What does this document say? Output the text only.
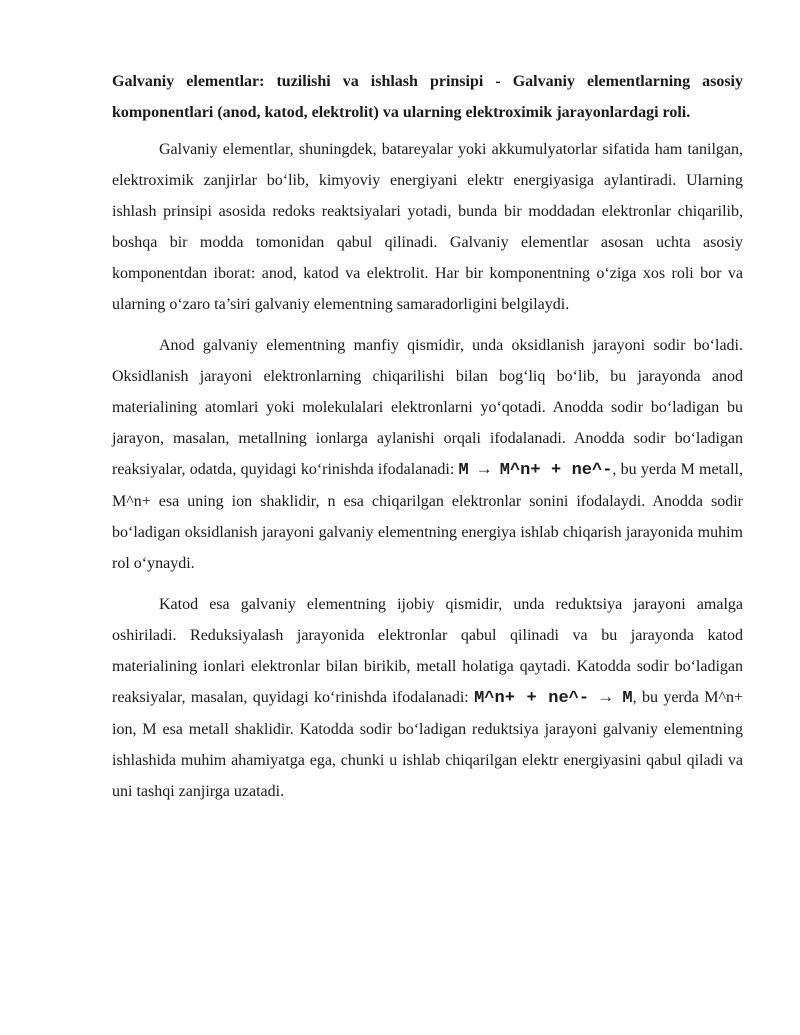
Galvaniy elementlar: tuzilishi va ishlash prinsipi - Galvaniy elementlarning asosiy komponentlari (anod, katod, elektrolit) va ularning elektroximik jarayonlardagi roli.

Galvaniy elementlar, shuningdek, batareyalar yoki akkumulyatorlar sifatida ham tanilgan, elektroximik zanjirlar bo‘lib, kimyoviy energiyani elektr energiyasiga aylantiradi. Ularning ishlash prinsipi asosida redoks reaktsiyalari yotadi, bunda bir moddadan elektronlar chiqarilib, boshqa bir modda tomonidan qabul qilinadi. Galvaniy elementlar asosan uchta asosiy komponentdan iborat: anod, katod va elektrolit. Har bir komponentning o‘ziga xos roli bor va ularning o‘zaro ta’siri galvaniy elementning samaradorligini belgilaydi.

Anod galvaniy elementning manfiy qismidir, unda oksidlanish jarayoni sodir bo‘ladi. Oksidlanish jarayoni elektronlarning chiqarilishi bilan bog‘liq bo‘lib, bu jarayonda anod materialining atomlari yoki molekulalari elektronlarni yo‘qotadi. Anodda sodir bo‘ladigan bu jarayon, masalan, metallning ionlarga aylanishi orqali ifodalanadi. Anodda sodir bo‘ladigan reaksiyalar, odatda, quyidagi ko‘rinishda ifodalanadi: M → M^n+ + ne^-, bu yerda M metall, M^n+ esa uning ion shaklidir, n esa chiqarilgan elektronlar sonini ifodalaydi. Anodda sodir bo‘ladigan oksidlanish jarayoni galvaniy elementning energiya ishlab chiqarish jarayonida muhim rol o‘ynaydi.

Katod esa galvaniy elementning ijobiy qismidir, unda reduktsiya jarayoni amalga oshiriladi. Reduksiyalash jarayonida elektronlar qabul qilinadi va bu jarayonda katod materialining ionlari elektronlar bilan birikib, metall holatiga qaytadi. Katodda sodir bo‘ladigan reaksiyalar, masalan, quyidagi ko‘rinishda ifodalanadi: M^n+ + ne^- → M, bu yerda M^n+ ion, M esa metall shaklidir. Katodda sodir bo‘ladigan reduktsiya jarayoni galvaniy elementning ishlashida muhim ahamiyatga ega, chunki u ishlab chiqarilgan elektr energiyasini qabul qiladi va uni tashqi zanjirga uzatadi.
